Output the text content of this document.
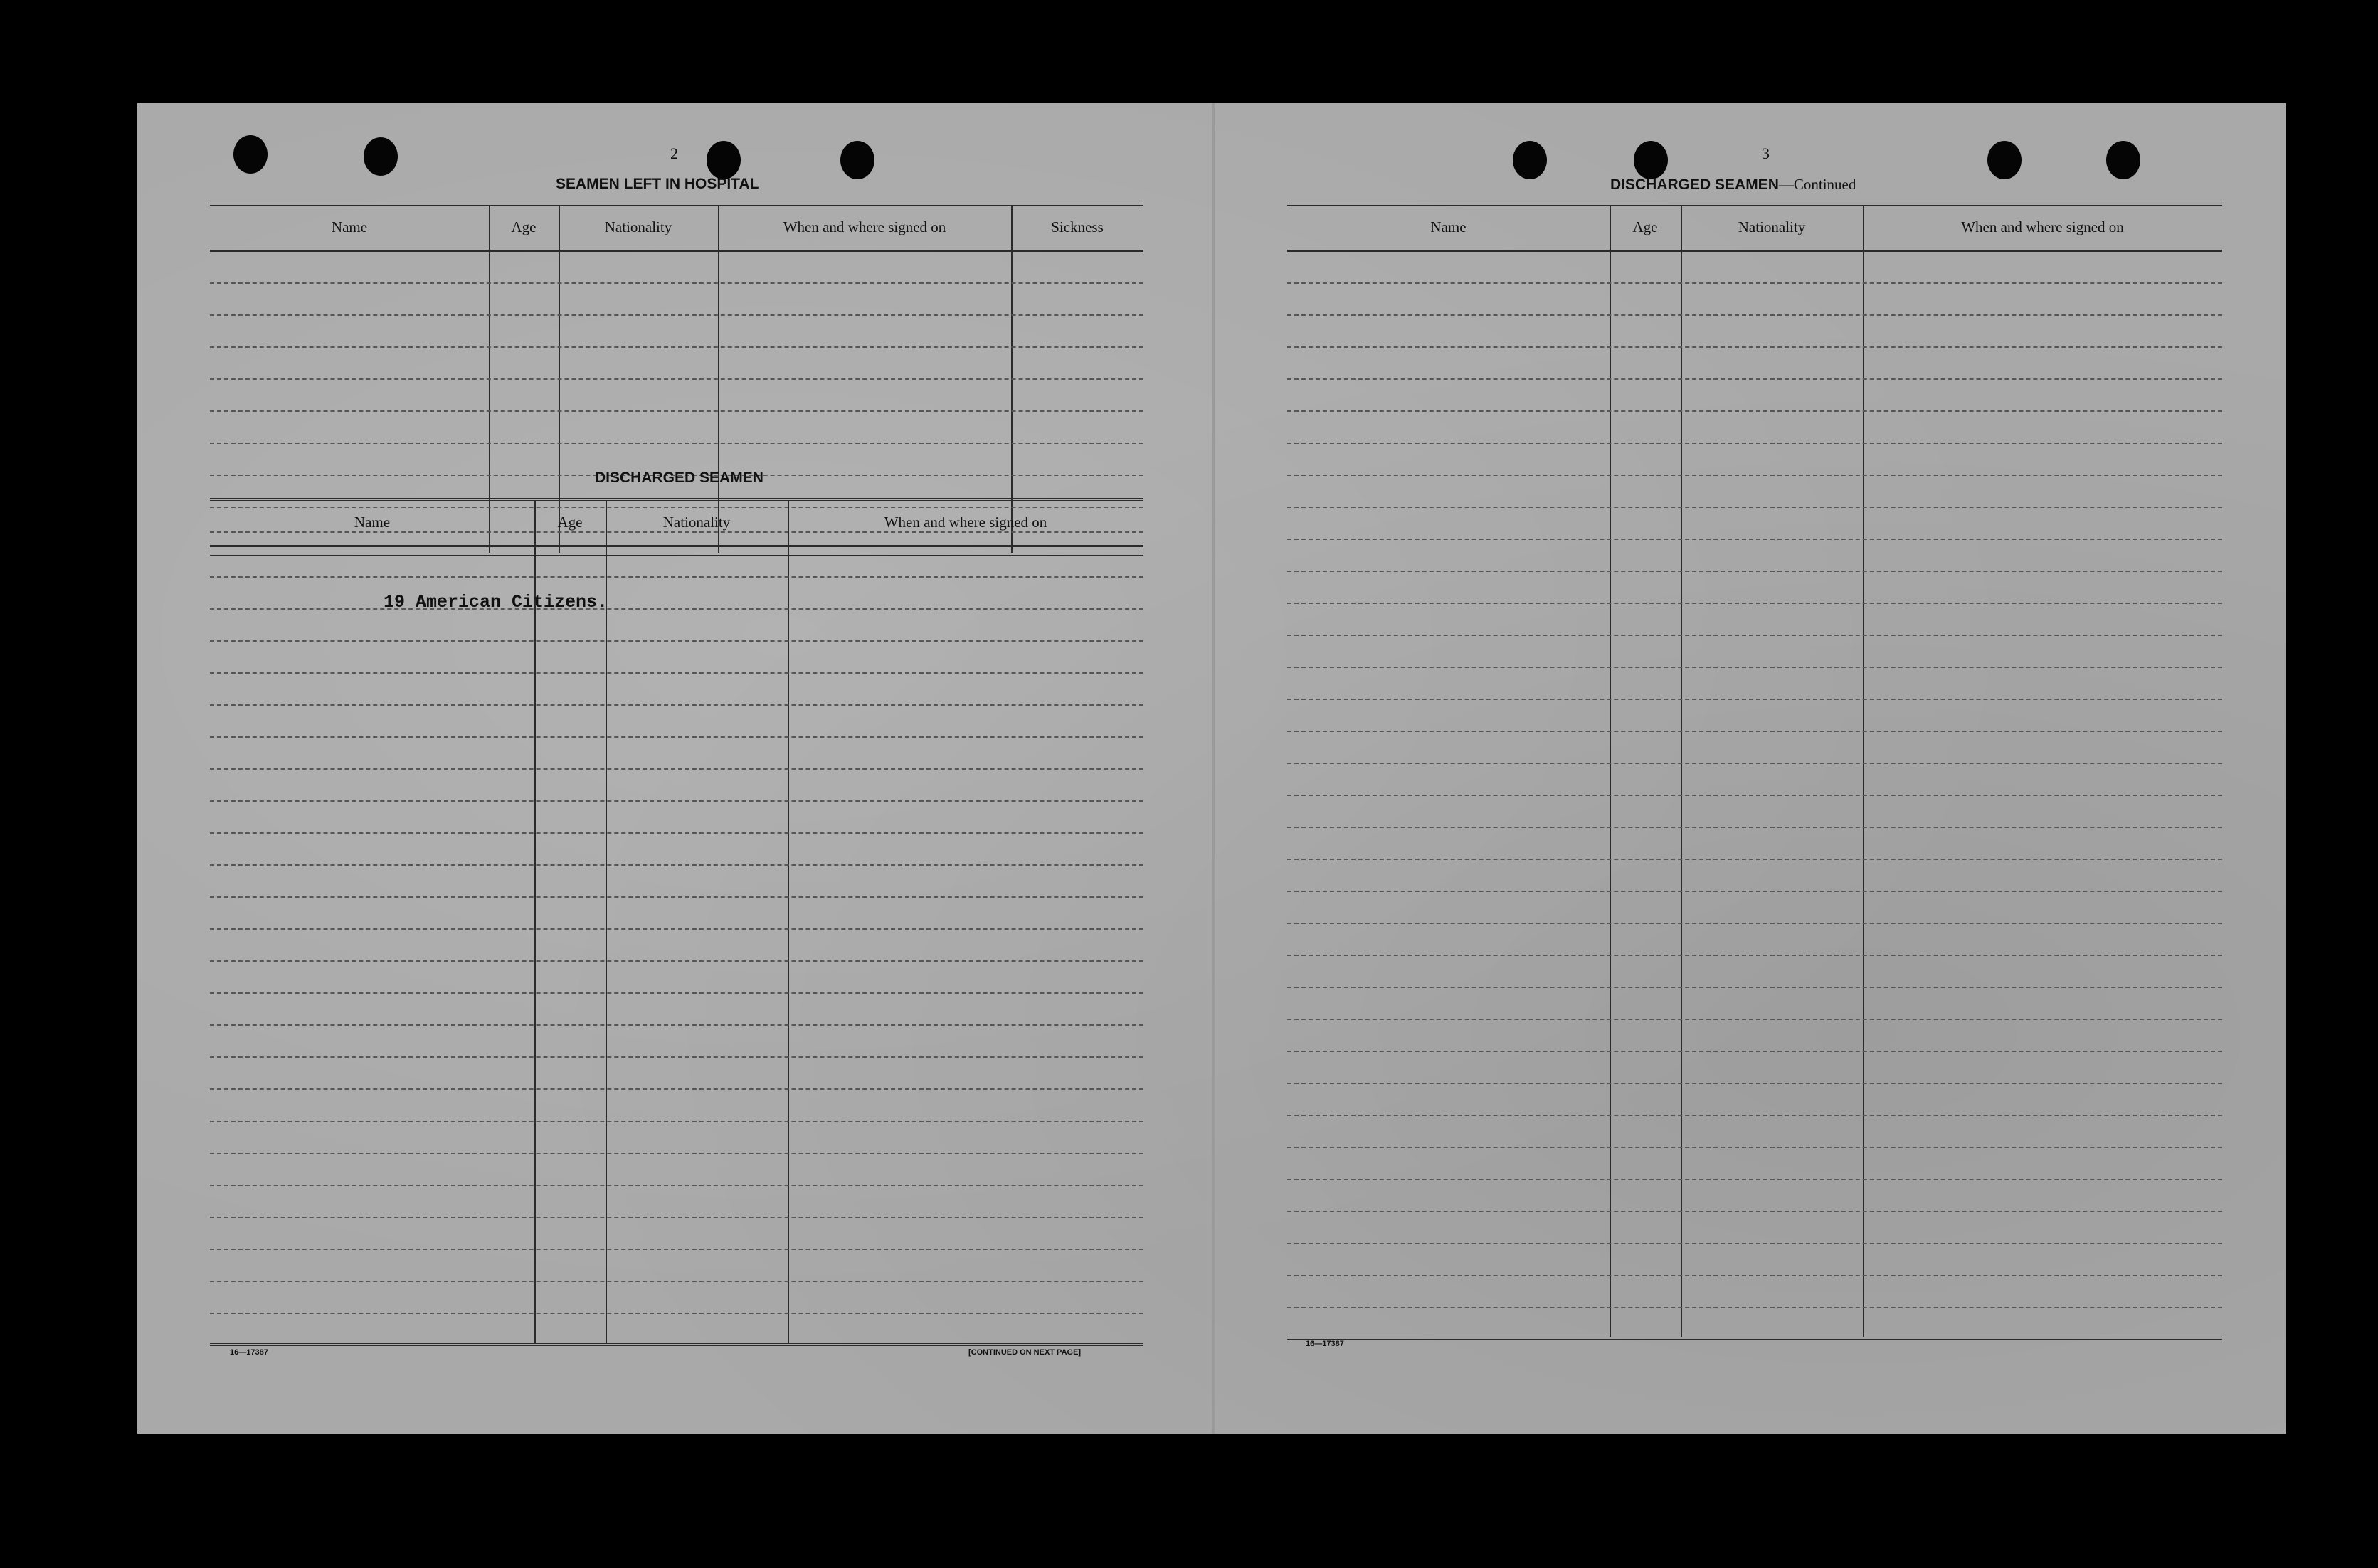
2
SEAMEN LEFT IN HOSPITAL
Name	Age	Nationality	When and where signed on	Sickness
DISCHARGED SEAMEN
Name	Age	Nationality	When and where signed on
19 American Citizens.
16—17387	[CONTINUED ON NEXT PAGE]
3
DISCHARGED SEAMEN—Continued
Name	Age	Nationality	When and where signed on
16—17387
